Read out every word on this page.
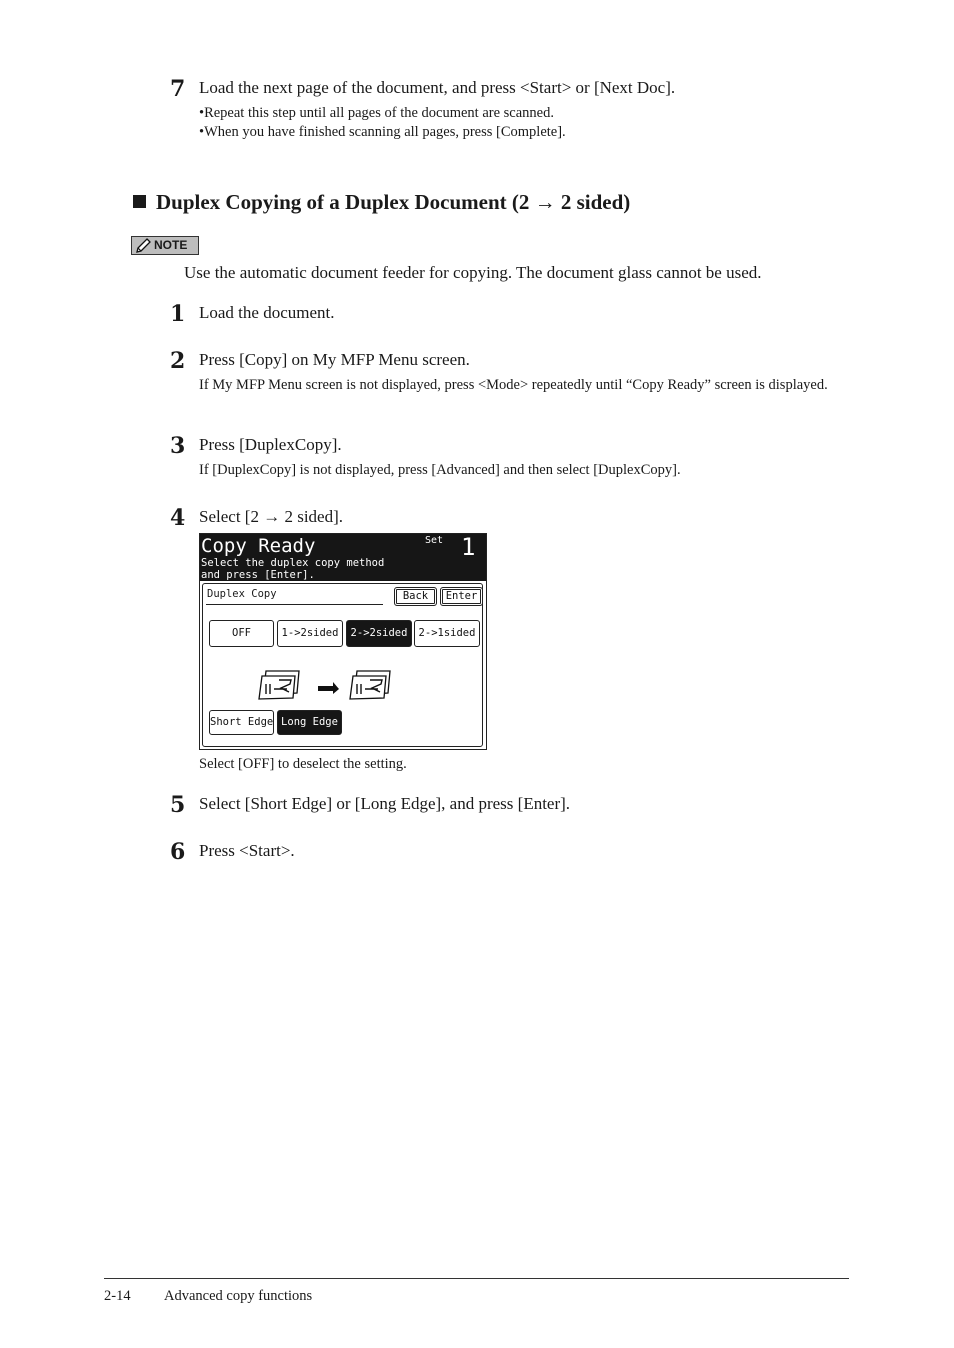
7 Load the next page of the document, and press <Start> or [Next Doc].
•Repeat this step until all pages of the document are scanned.
•When you have finished scanning all pages, press [Complete].
Duplex Copying of a Duplex Document (2 → 2 sided)
NOTE
Use the automatic document feeder for copying. The document glass cannot be used.
1 Load the document.
2 Press [Copy] on My MFP Menu screen.
If My MFP Menu screen is not displayed, press <Mode> repeatedly until “Copy Ready” screen is displayed.
3 Press [DuplexCopy].
If [DuplexCopy] is not displayed, press [Advanced] and then select [DuplexCopy].
4 Select [2 → 2 sided].
Copy Ready	Set 1
Select the duplex copy method
and press [Enter].
Duplex Copy	Back	Enter
OFF	1->2sided	2->2sided	2->1sided
Short Edge Long Edge
Select [OFF] to deselect the setting.
5 Select [Short Edge] or [Long Edge], and press [Enter].
6 Press <Start>.
2-14 Advanced copy functions
